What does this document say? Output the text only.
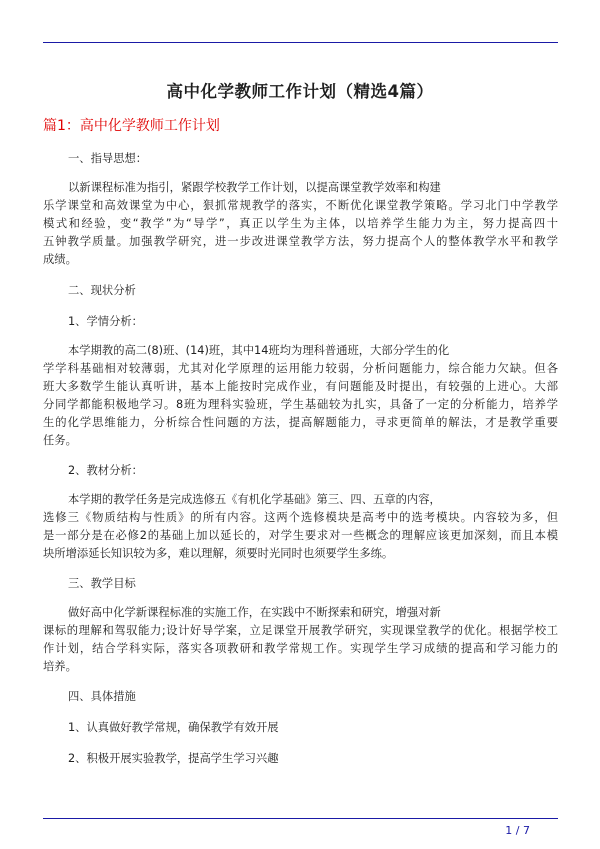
高中化学教师工作计划（精选4篇）
篇1：高中化学教师工作计划

一、指导思想：

以新课程标准为指引，紧跟学校教学工作计划，以提高课堂教学效率和构建

乐学课堂和高效课堂为中心，狠抓常规教学的落实，不断优化课堂教学策略。学习北门中学教学

模式和经验，变“教学”为“导学”，真正以学生为主体，以培养学生能力为主，努力提高四十

五钟教学质量。加强教学研究，进一步改进课堂教学方法，努力提高个人的整体教学水平和教学

成绩。

二、现状分析

1、学情分析：

本学期教的高二(8)班、(14)班，其中14班均为理科普通班，大部分学生的化

学学科基础相对较薄弱，尤其对化学原理的运用能力较弱，分析问题能力，综合能力欠缺。但各

班大多数学生能认真听讲，基本上能按时完成作业，有问题能及时提出，有较强的上进心。大部

分同学都能积极地学习。8班为理科实验班，学生基础较为扎实，具备了一定的分析能力，培养学

生的化学思维能力，分析综合性问题的方法，提高解题能力，寻求更简单的解法，才是教学重要

任务。

2、教材分析：

本学期的教学任务是完成选修五《有机化学基础》第三、四、五章的内容，

选修三《物质结构与性质》的所有内容。这两个选修模块是高考中的选考模块。内容较为多，但

是一部分是在必修2的基础上加以延长的，对学生要求对一些概念的理解应该更加深刻，而且本模

块所增添延长知识较为多，难以理解，须要时光同时也须要学生多练。

三、教学目标

做好高中化学新课程标准的实施工作，在实践中不断探索和研究，增强对新

课标的理解和驾驭能力;设计好导学案，立足课堂开展教学研究，实现课堂教学的优化。根据学校工

作计划，结合学科实际，落实各项教研和教学常规工作。实现学生学习成绩的提高和学习能力的

培养。

四、具体措施

1、认真做好教学常规，确保教学有效开展

2、积极开展实验教学，提高学生学习兴趣

1 / 7
